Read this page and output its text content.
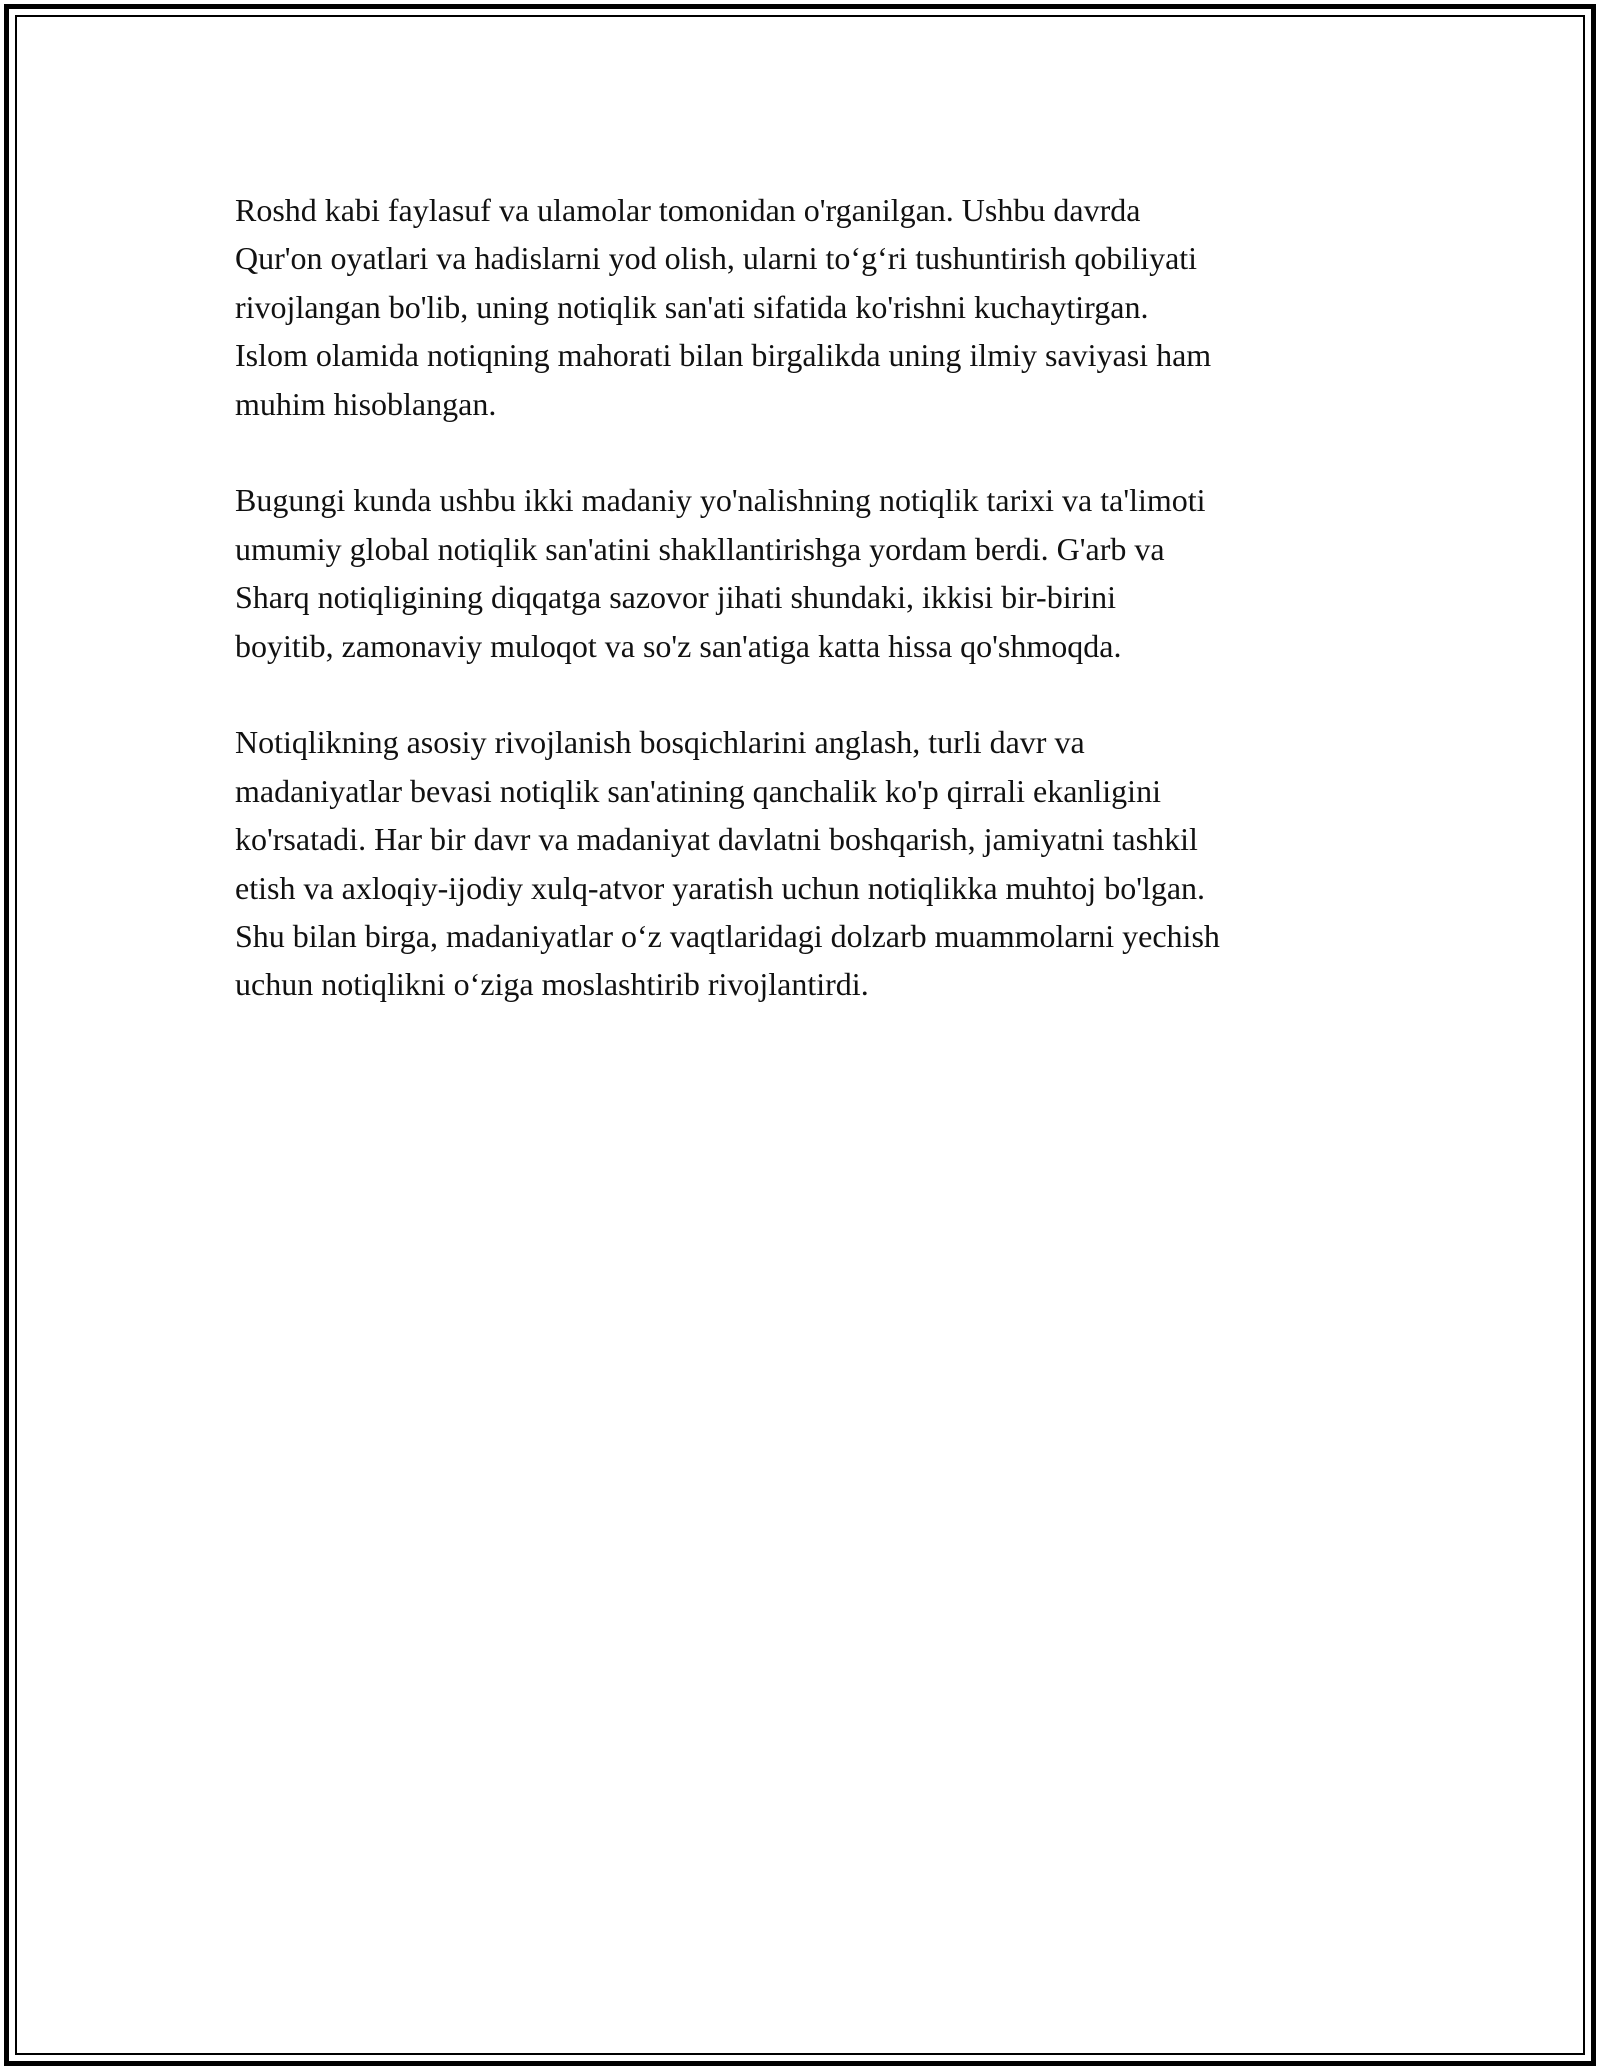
Roshd kabi faylasuf va ulamolar tomonidan o'rganilgan. Ushbu davrda
Qur'on oyatlari va hadislarni yod olish, ularni to‘g‘ri tushuntirish qobiliyati
rivojlangan bo'lib, uning notiqlik san'ati sifatida ko'rishni kuchaytirgan.
Islom olamida notiqning mahorati bilan birgalikda uning ilmiy saviyasi ham
muhim hisoblangan.

Bugungi kunda ushbu ikki madaniy yo'nalishning notiqlik tarixi va ta'limoti
umumiy global notiqlik san'atini shakllantirishga yordam berdi. G'arb va
Sharq notiqligining diqqatga sazovor jihati shundaki, ikkisi bir-birini
boyitib, zamonaviy muloqot va so'z san'atiga katta hissa qo'shmoqda.

Notiqlikning asosiy rivojlanish bosqichlarini anglash, turli davr va
madaniyatlar bevasi notiqlik san'atining qanchalik ko'p qirrali ekanligini
ko'rsatadi. Har bir davr va madaniyat davlatni boshqarish, jamiyatni tashkil
etish va axloqiy-ijodiy xulq-atvor yaratish uchun notiqlikka muhtoj bo'lgan.
Shu bilan birga, madaniyatlar o‘z vaqtlaridagi dolzarb muammolarni yechish
uchun notiqlikni o‘ziga moslashtirib rivojlantirdi.
